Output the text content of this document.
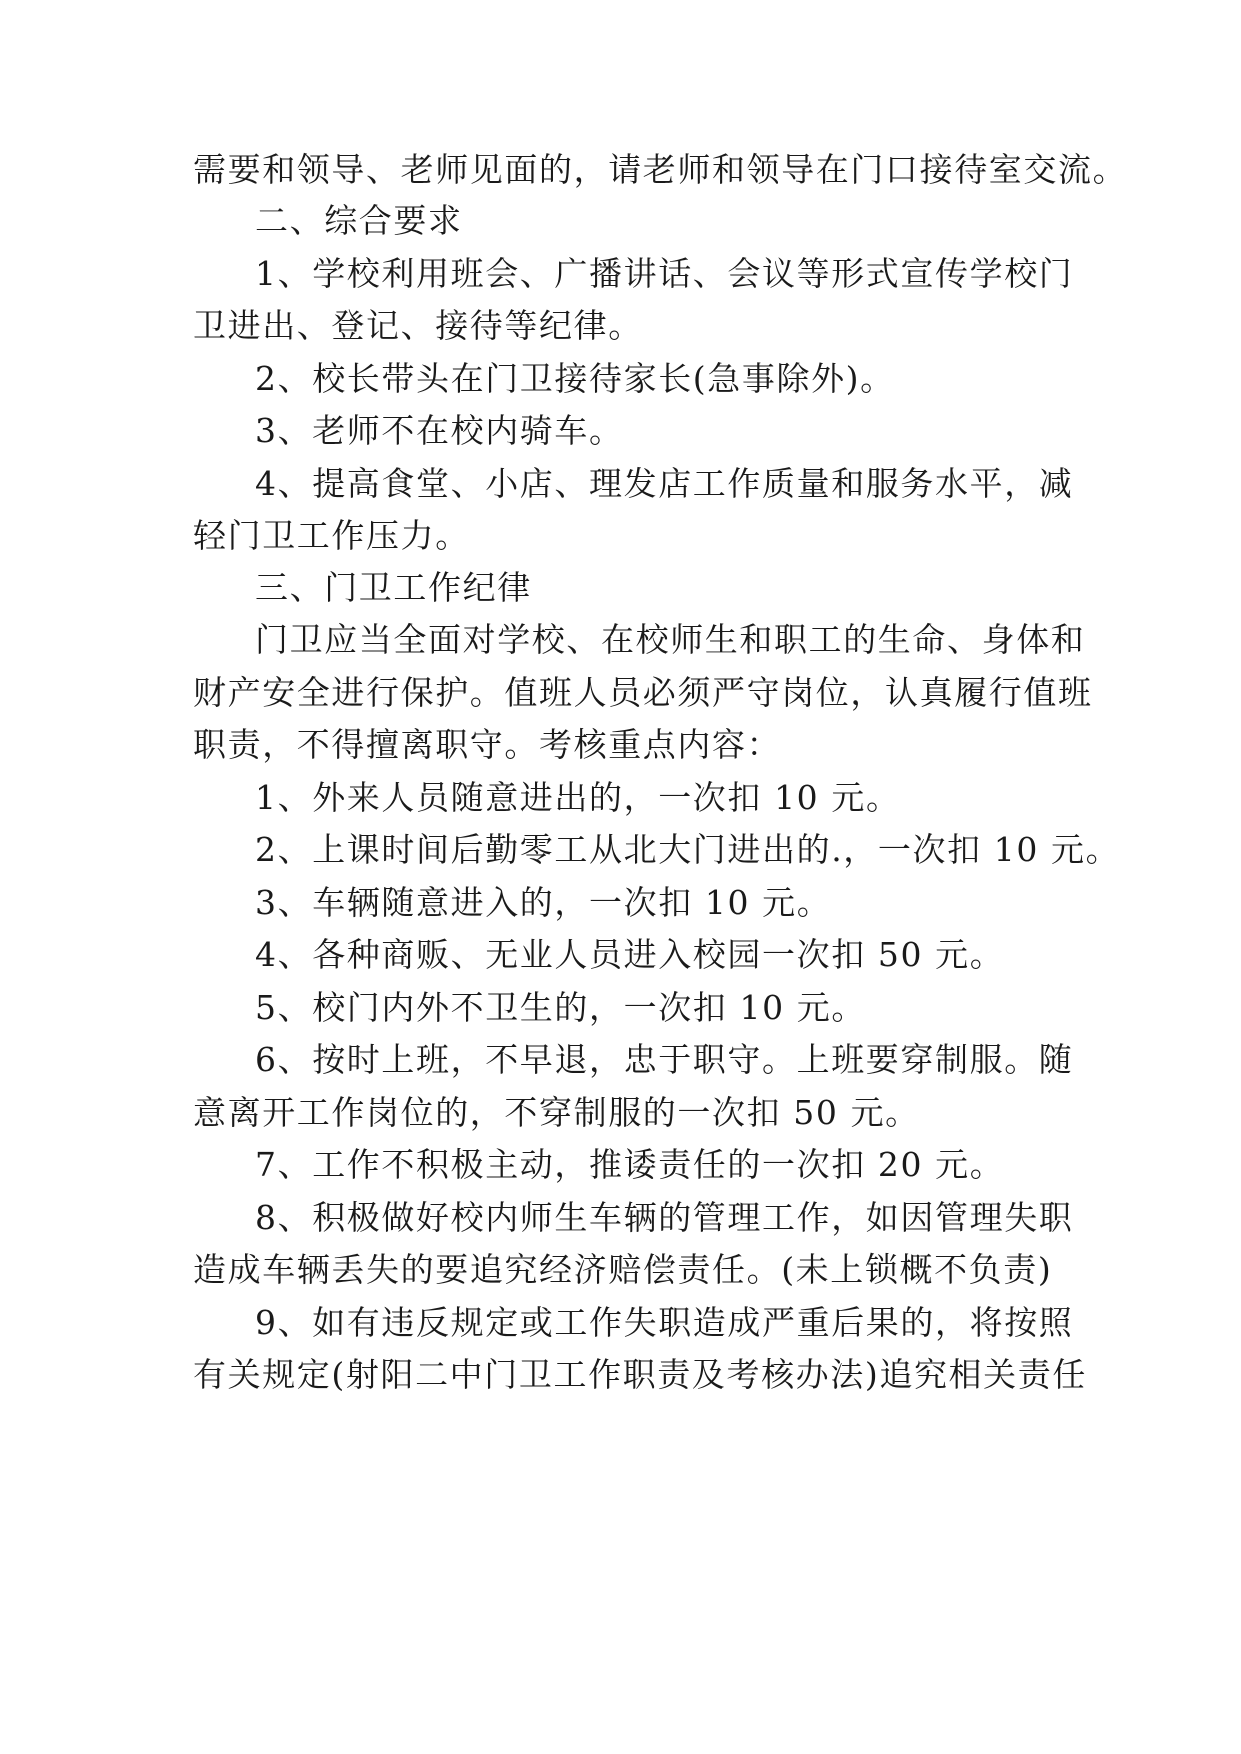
需要和领导、老师见面的，请老师和领导在门口接待室交流。
二、综合要求
1、学校利用班会、广播讲话、会议等形式宣传学校门
卫进出、登记、接待等纪律。
2、校长带头在门卫接待家长(急事除外)。
3、老师不在校内骑车。
4、提高食堂、小店、理发店工作质量和服务水平，减
轻门卫工作压力。
三、门卫工作纪律
门卫应当全面对学校、在校师生和职工的生命、身体和
财产安全进行保护。值班人员必须严守岗位，认真履行值班
职责，不得擅离职守。考核重点内容：
1、外来人员随意进出的，一次扣 10 元。
2、上课时间后勤零工从北大门进出的.，一次扣 10 元。
3、车辆随意进入的，一次扣 10 元。
4、各种商贩、无业人员进入校园一次扣 50 元。
5、校门内外不卫生的，一次扣 10 元。
6、按时上班，不早退，忠于职守。上班要穿制服。随
意离开工作岗位的，不穿制服的一次扣 50 元。
7、工作不积极主动，推诿责任的一次扣 20 元。
8、积极做好校内师生车辆的管理工作，如因管理失职
造成车辆丢失的要追究经济赔偿责任。(未上锁概不负责)
9、如有违反规定或工作失职造成严重后果的，将按照
有关规定(射阳二中门卫工作职责及考核办法)追究相关责任
